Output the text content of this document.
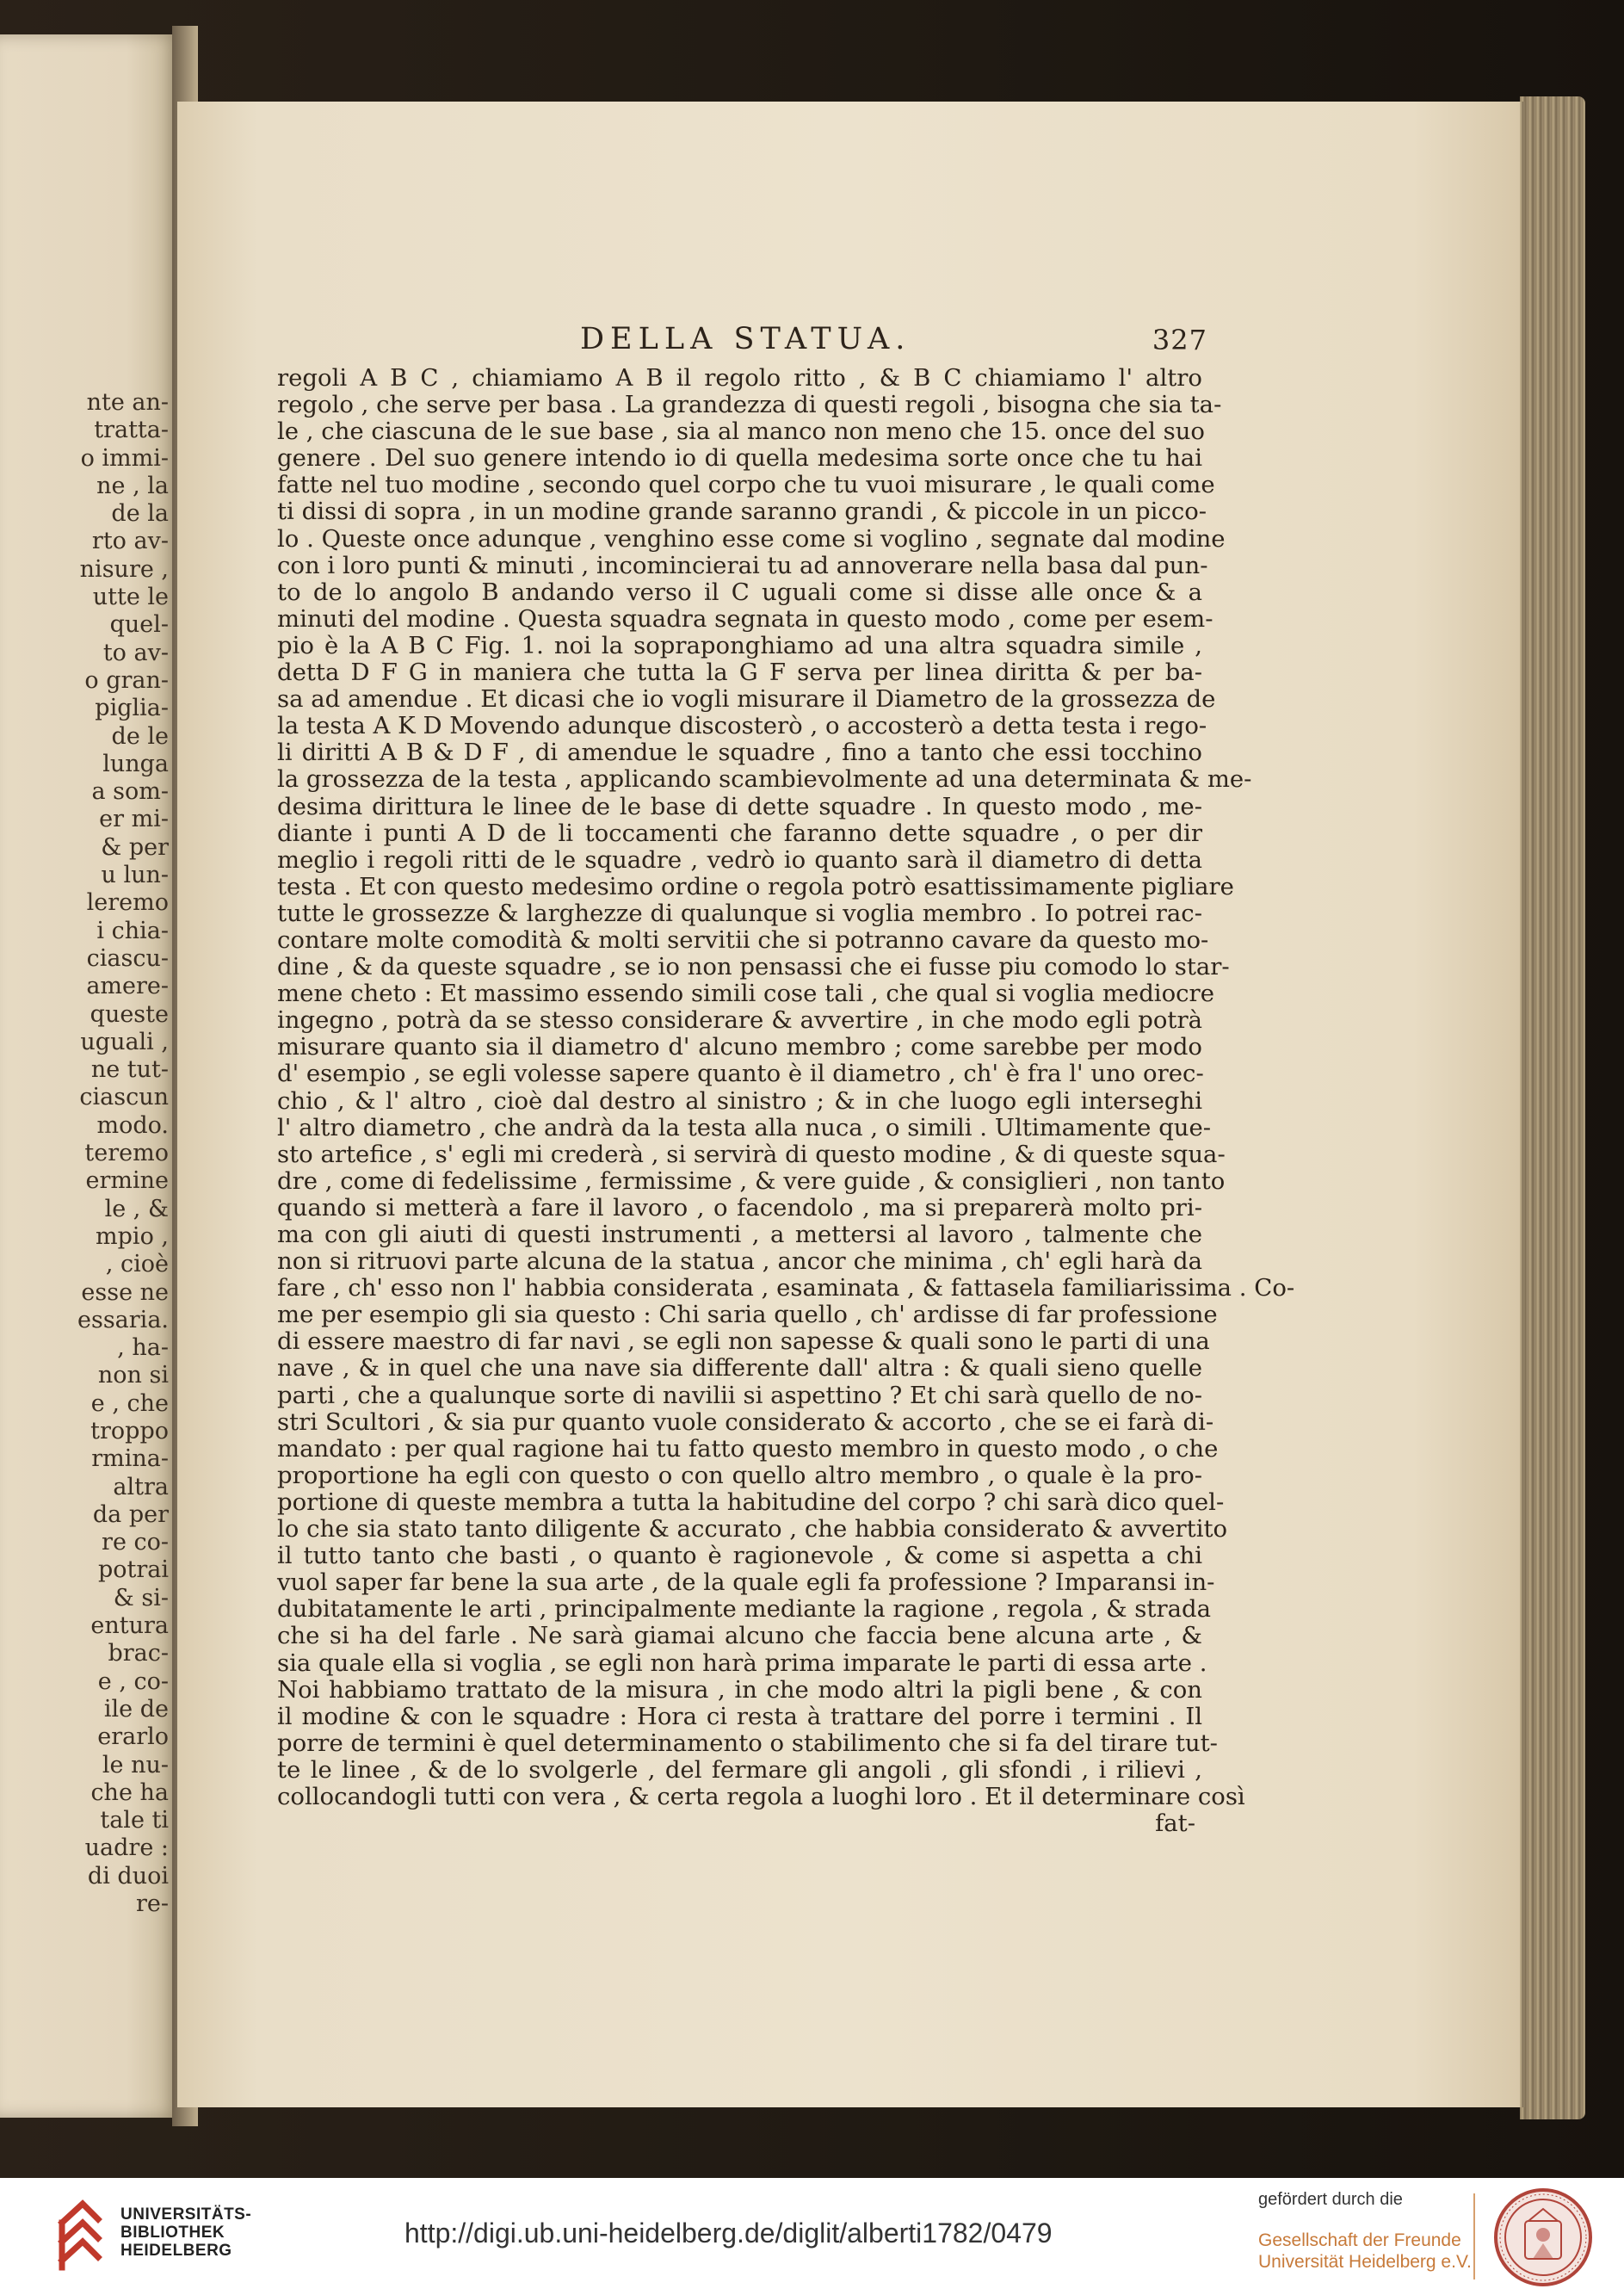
nte an-
tratta-
o immi-
ne , la
de la
rto av-
nisure ,
utte le
quel-
to av-
o gran-
piglia-
de le
lunga
a som-
er mi-
& per
u lun-
leremo
i chia-
ciascu-
amere-
queste
uguali ,
ne tut-
ciascun
modo.
teremo
ermine
le , &
mpio ,
, cioè
esse ne
essaria.
, ha-
non si
e , che
troppo
rmina-
altra
da per
re co-
potrai
& si-
entura
brac-
e , co-
ile de
erarlo
le nu-
che ha
tale ti
uadre :
di duoi
re-
DELLA STATUA.	327
regoli A B C , chiamiamo A B il regolo ritto , & B C chiamiamo l' altro
regolo , che serve per basa . La grandezza di questi regoli , bisogna che sia ta-
le , che ciascuna de le sue base , sia al manco non meno che 15. once del suo
genere . Del suo genere intendo io di quella medesima sorte once che tu hai
fatte nel tuo modine , secondo quel corpo che tu vuoi misurare , le quali come
ti dissi di sopra , in un modine grande saranno grandi , & piccole in un picco-
lo . Queste once adunque , venghino esse come si voglino , segnate dal modine
con i loro punti & minuti , incomincierai tu ad annoverare nella basa dal pun-
to de lo angolo B andando verso il C uguali come si disse alle once & a
minuti del modine . Questa squadra segnata in questo modo , come per esem-
pio è la A B C Fig. 1. noi la sopraponghiamo ad una altra squadra simile ,
detta D F G in maniera che tutta la G F serva per linea diritta & per ba-
sa ad amendue . Et dicasi che io vogli misurare il Diametro de la grossezza de
la testa A K D Movendo adunque discosterò , o accosterò a detta testa i rego-
li diritti A B & D F , di amendue le squadre , fino a tanto che essi tocchino
la grossezza de la testa , applicando scambievolmente ad una determinata & me-
desima dirittura le linee de le base di dette squadre . In questo modo , me-
diante i punti A D de li toccamenti che faranno dette squadre , o per dir
meglio i regoli ritti de le squadre , vedrò io quanto sarà il diametro di detta
testa . Et con questo medesimo ordine o regola potrò esattissimamente pigliare
tutte le grossezze & larghezze di qualunque si voglia membro . Io potrei rac-
contare molte comodità & molti servitii che si potranno cavare da questo mo-
dine , & da queste squadre , se io non pensassi che ei fusse piu comodo lo star-
mene cheto : Et massimo essendo simili cose tali , che qual si voglia mediocre
ingegno , potrà da se stesso considerare & avvertire , in che modo egli potrà
misurare quanto sia il diametro d' alcuno membro ; come sarebbe per modo
d' esempio , se egli volesse sapere quanto è il diametro , ch' è fra l' uno orec-
chio , & l' altro , cioè dal destro al sinistro ; & in che luogo egli interseghi
l' altro diametro , che andrà da la testa alla nuca , o simili . Ultimamente que-
sto artefice , s' egli mi crederà , si servirà di questo modine , & di queste squa-
dre , come di fedelissime , fermissime , & vere guide , & consiglieri , non tanto
quando si metterà a fare il lavoro , o facendolo , ma si preparerà molto pri-
ma con gli aiuti di questi instrumenti , a mettersi al lavoro , talmente che
non si ritruovi parte alcuna de la statua , ancor che minima , ch' egli harà da
fare , ch' esso non l' habbia considerata , esaminata , & fattasela familiarissima . Co-
me per esempio gli sia questo : Chi saria quello , ch' ardisse di far professione
di essere maestro di far navi , se egli non sapesse & quali sono le parti di una
nave , & in quel che una nave sia differente dall' altra : & quali sieno quelle
parti , che a qualunque sorte di navilii si aspettino ? Et chi sarà quello de no-
stri Scultori , & sia pur quanto vuole considerato & accorto , che se ei farà di-
mandato : per qual ragione hai tu fatto questo membro in questo modo , o che
proportione ha egli con questo o con quello altro membro , o quale è la pro-
portione di queste membra a tutta la habitudine del corpo ? chi sarà dico quel-
lo che sia stato tanto diligente & accurato , che habbia considerato & avvertito
il tutto tanto che basti , o quanto è ragionevole , & come si aspetta a chi
vuol saper far bene la sua arte , de la quale egli fa professione ? Imparansi in-
dubitatamente le arti , principalmente mediante la ragione , regola , & strada
che si ha del farle . Ne sarà giamai alcuno che faccia bene alcuna arte , &
sia quale ella si voglia , se egli non harà prima imparate le parti di essa arte .
Noi habbiamo trattato de la misura , in che modo altri la pigli bene , & con
il modine & con le squadre : Hora ci resta à trattare del porre i termini . Il
porre de termini è quel determinamento o stabilimento che si fa del tirare tut-
te le linee , & de lo svolgerle , del fermare gli angoli , gli sfondi , i rilievi ,
collocandogli tutti con vera , & certa regola a luoghi loro . Et il determinare così
fat-
UNIVERSITÄTS-
BIBLIOTHEK
HEIDELBERG
http://digi.ub.uni-heidelberg.de/diglit/alberti1782/0479
gefördert durch die
Gesellschaft der Freunde
Universität Heidelberg e.V.
